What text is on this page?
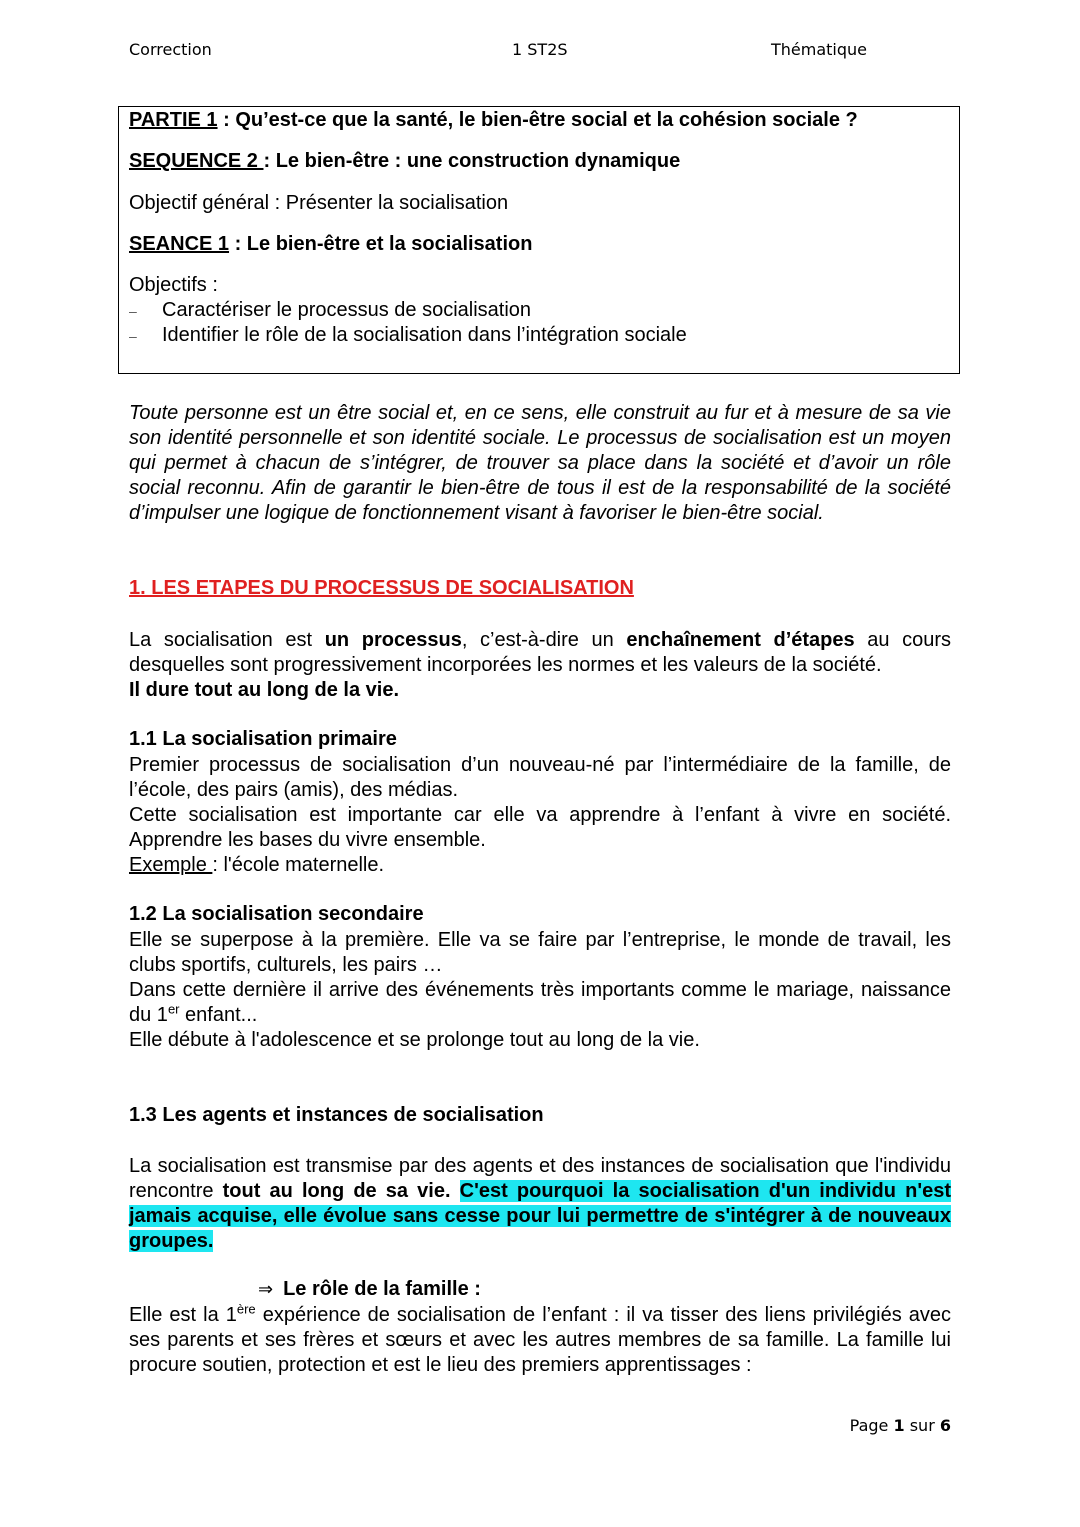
Correction	1 ST2S	Thématique
PARTIE 1 : Qu’est-ce que la santé, le bien-être social et la cohésion sociale ?
SEQUENCE 2 : Le bien-être : une construction dynamique
Objectif général : Présenter la socialisation
SEANCE 1 : Le bien-être et la socialisation
Objectifs :
– Caractériser le processus de socialisation
– Identifier le rôle de la socialisation dans l’intégration sociale

Toute personne est un être social et, en ce sens, elle construit au fur et à mesure de sa vie son identité personnelle et son identité sociale. Le processus de socialisation est un moyen qui permet à chacun de s’intégrer, de trouver sa place dans la société et d’avoir un rôle social reconnu. Afin de garantir le bien-être de tous il est de la responsabilité de la société d’impulser une logique de fonctionnement visant à favoriser le bien-être social.

1. LES ETAPES DU PROCESSUS DE SOCIALISATION

La socialisation est un processus, c’est-à-dire un enchaînement d’étapes au cours desquelles sont progressivement incorporées les normes et les valeurs de la société.
Il dure tout au long de la vie.

1.1 La socialisation primaire

Premier processus de socialisation d’un nouveau-né par l’intermédiaire de la famille, de l’école, des pairs (amis), des médias.

Cette socialisation est importante car elle va apprendre à l’enfant à vivre en société. Apprendre les bases du vivre ensemble.

Exemple : l'école maternelle.

1.2 La socialisation secondaire

Elle se superpose à la première. Elle va se faire par l’entreprise, le monde de travail, les clubs sportifs, culturels, les pairs …

Dans cette dernière il arrive des événements très importants comme le mariage, naissance du 1er enfant...

Elle débute à l'adolescence et se prolonge tout au long de la vie.

1.3 Les agents et instances de socialisation

La socialisation est transmise par des agents et des instances de socialisation que l'individu rencontre tout au long de sa vie. C'est pourquoi la socialisation d'un individu n'est jamais acquise, elle évolue sans cesse pour lui permettre de s'intégrer à de nouveaux groupes.

⇒ Le rôle de la famille :

Elle est la 1ère expérience de socialisation de l’enfant : il va tisser des liens privilégiés avec ses parents et ses frères et sœurs et avec les autres membres de sa famille. La famille lui procure soutien, protection et est le lieu des premiers apprentissages :

Page 1 sur 6
